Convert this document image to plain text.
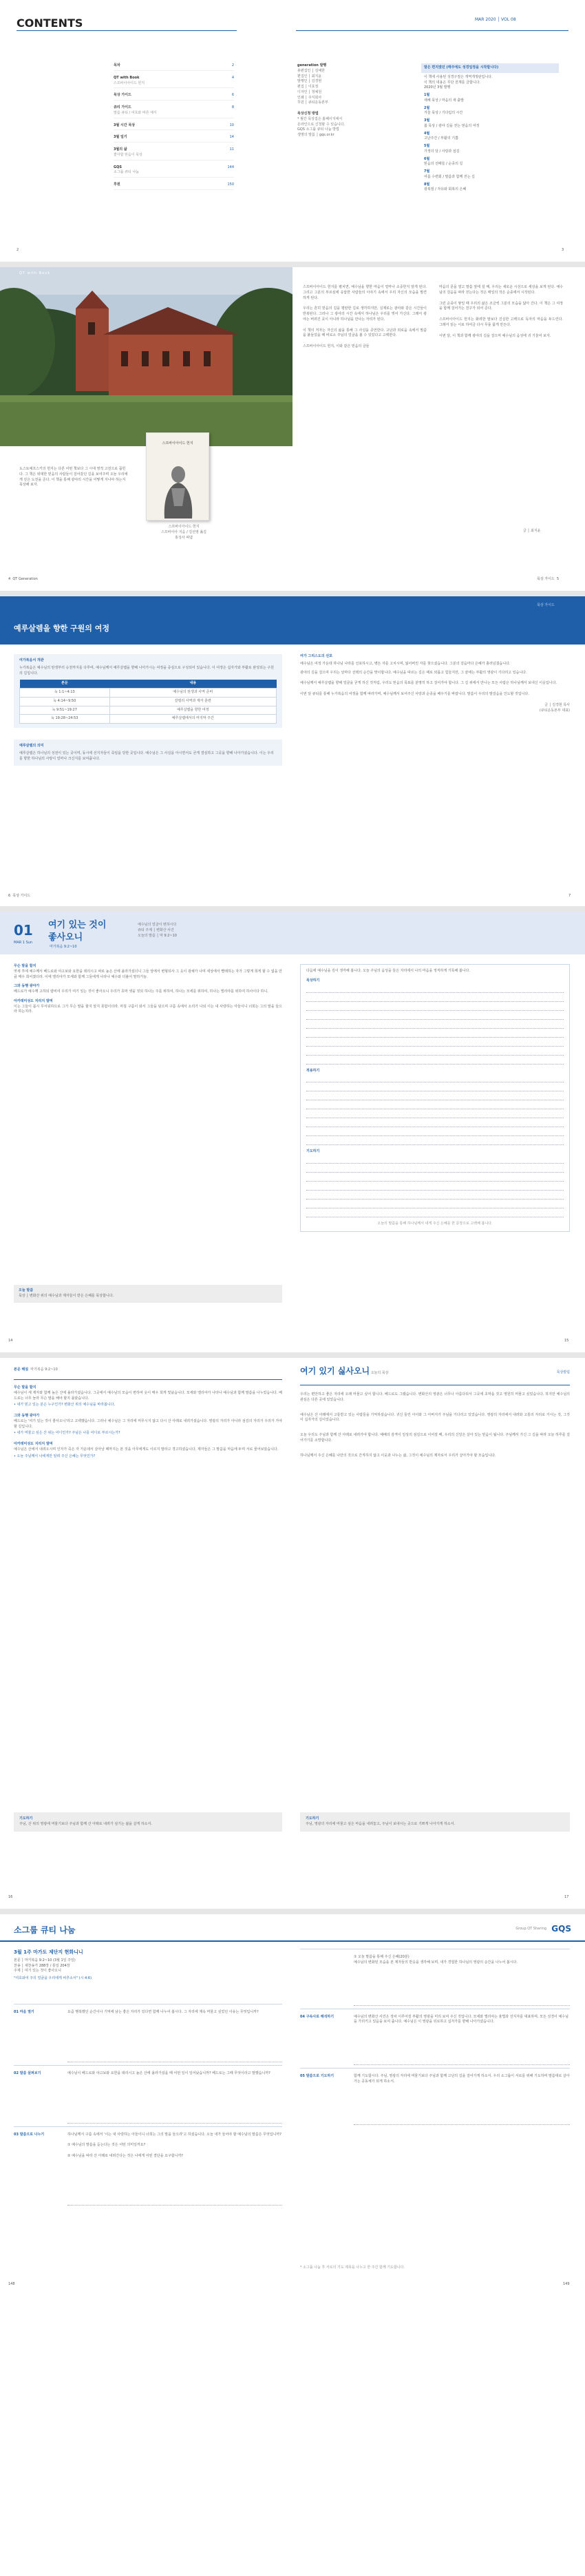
CONTENTS	MAR 2020 │ VOL 08
목차	2
QT with Book	4
스프바이아이드 헌지
묵상 가이드	6
큐티 가이드	8
말씀 큐티 / 여호와 바른 예식
3월 시간 묵상	10
3월 일기	14
3월의 삶	11
좋아합 믿음이 묵상
GQS	144
소그룹 큐티 나눔
후원	150
generation 발행
총편집인 │ 김예한
편집인 │ 최지윤
발행인 │ 김경현
편집 │ 이효정
디자인 │ 정예원
인쇄 │ 주식회사
후원 │ 큐티운동본부
묵상신청 방법
* 월간 묵상집은 홈페이지에서
온라인으로 신청할 수 있습니다.
GQS 소그룹 큐티 나눔 방법
생명의 말씀 │ gqs.or.kr
말은 편지였던 (매주에도 성경일정을 시작합니다)
이 책에 사용된 성경구절은 개역개정판입니다.
이 책의 내용은 무단 전재를 금합니다.
2020년 3월 발행
1월
새해 묵상 / 마음의 새 출발
2월
겨울 묵상 / 기다림의 시간
3월
봄 묵상 / 광야 길을 걷는 믿음의 여정
4월
고난주간 / 부활의 기쁨
5월
가정의 달 / 사랑과 섬김
6월
믿음의 선배들 / 순종의 길
7월
여름 수련회 / 말씀과 함께 걷는 길
8월
광복절 / 자유와 회복의 은혜
2	3
QT with Book
도스토예프스키의 헌지는 다른 어떤 책보다 그 시대 영적 고전으로 꼽힌다. 그 책은 위대한 믿음의 사람들이 걸어갔던 길을 보여주며 오늘 우리에게 깊은 도전을 준다. 이 책을 통해 광야의 시간을 어떻게 지나야 하는지 묵상해 보자.
스프바이아이드 헌지
스프바이아이드 헌지
스프바이아 지음 / 김선영 옮김
홍성사 펴냄

스프바이아이드 헌지를 펼치면, 예수님을 향한 마음이 얼마나 소중한지 알게 된다. 그리고 그분의 부르심에 응답한 사람들의 이야기 속에서 우리 자신의 모습을 발견하게 된다.

우리는 흔히 믿음의 길을 평탄한 길로 생각하지만, 실제로는 광야와 같은 시간들이 반복된다. 그러나 그 광야의 시간 속에서 하나님은 우리를 빚어 가신다. 그래서 광야는 버려진 곳이 아니라 하나님을 만나는 자리가 된다.

이 책의 저자는 자신의 삶을 통해 그 사실을 증언한다. 고난과 외로움 속에서 말씀을 붙들었을 때 비로소 주님의 얼굴을 볼 수 있었다고 고백한다.

스프바이아이드 헌지, 이와 같은 믿음의 글들

마음의 문을 열고 말씀 앞에 설 때, 우리는 새로운 시선으로 세상을 보게 된다. 예수님의 걸음을 따라 걷는다는 것은 매일의 작은 순종에서 시작된다.

그런 순종이 쌓일 때 우리의 삶은 조금씩 그분의 모습을 닮아 간다. 이 책은 그 여정을 함께 걸어가는 친구가 되어 준다.

스프바이아이드 헌지는 화려한 말보다 진실한 고백으로 독자의 마음을 두드린다. 그래서 읽는 이로 하여금 다시 무릎 꿇게 만든다.

이번 달, 이 책과 함께 광야의 길을 걸으며 예수님의 음성에 귀 기울여 보자.

글 │ 최지윤
4 QT Generation	묵상 가이드 5
예루살렘을 향한 구원의 여정
묵상 가이드
여가복음서 개관
누가복음은 예수님의 탄생부터 승천까지를 다루며, 예수님께서 예루살렘을 향해 나아가시는 여정을 중심으로 구성되어 있습니다. 이 여정은 십자가와 부활로 완성되는 구원의 길입니다.
본문	내용
눅 1:1~4:13	예수님의 탄생과 사역 준비
눅 4:14~9:50	갈릴리 사역과 제자 훈련
눅 9:51~19:27	예루살렘을 향한 여정
눅 19:28~24:53	예루살렘에서의 마지막 주간
예루살렘의 의미
예루살렘은 하나님의 성전이 있는 곳이며, 동시에 선지자들이 죽임을 당한 곳입니다. 예수님은 그 사실을 아시면서도 굳게 결심하고 그곳을 향해 나아가셨습니다. 이는 우리를 향한 하나님의 사랑이 얼마나 크신지를 보여줍니다.
여가 그리스도의 선포
예수님은 여정 가운데 하나님 나라를 선포하시고, 병든 자를 고치시며, 잃어버린 자를 찾으셨습니다. 그분의 걸음마다 은혜가 흘러넘쳤습니다.

광야의 길을 걸으며 우리는 날마다 선택의 순간을 맞이합니다. 예수님을 따르는 길은 때로 외롭고 힘들지만, 그 끝에는 부활의 영광이 기다리고 있습니다.

예수님께서 예루살렘을 향해 얼굴을 굳게 하신 것처럼, 우리도 믿음의 목표를 분명히 하고 걸어가야 합니다. 그 길 위에서 만나는 모든 사람은 하나님께서 보내신 이웃입니다.

이번 달 큐티를 통해 누가복음의 여정을 함께 따라가며, 예수님께서 보여주신 사랑과 순종을 배우기를 바랍니다. 말씀이 우리의 발걸음을 인도할 것입니다.

글 │ 김경현 목사
(큐티운동본부 대표)
6 묵상 가이드	7
01
MAR 1 Sun
여기 있는 것이
좋사오니
마가복음 9:2~10
예수님의 얼굴이 변하시다
큐티 주제 │ 변화산 사건
오늘의 말씀 │ 막 9:2~10
무슨 말을 할지

엿새 후에 예수께서 베드로와 야고보와 요한을 데리시고 따로 높은 산에 올라가셨더니 그들 앞에서 변형되사 그 옷이 광채가 나며 세상에서 빨래하는 자가 그렇게 희게 할 수 없을 만큼 매우 희어졌더라. 이에 엘리야가 모세와 함께 그들에게 나타나 예수와 더불어 말하거늘.

그와 동행 광야가

베드로가 예수께 고하되 랍비여 우리가 여기 있는 것이 좋사오니 우리가 초막 셋을 짓되 하나는 주를 위하여, 하나는 모세를 위하여, 하나는 엘리야를 위하여 하사이다 하니.

아카데미성도 지리지 말며

이는 그들이 몹시 무서워하므로 그가 무슨 말을 할지 알지 못함이더라. 마침 구름이 와서 그들을 덮으며 구름 속에서 소리가 나되 이는 내 사랑하는 아들이니 너희는 그의 말을 들으라 하는지라.

오늘 말씀
묵상 │ 변화산 위의 예수님과 제자들이 받은 은혜를 묵상합니다.
다음에 예수님을 깊이 생각해 봅니다. 오늘 주님의 음성을 들은 자리에서 나의 마음을 정직하게 기록해 봅니다.
묵상하기
적용하기
기도하기
오늘의 말씀을 통해 하나님께서 내게 주신 은혜를 한 문장으로 고백해 봅니다.
14	15
본문 해설 마가복음 9:2~10
무슨 말을 할지

예수님이 세 제자와 함께 높은 산에 올라가셨습니다. 그곳에서 예수님의 모습이 변하여 옷이 매우 희게 빛났습니다. 모세와 엘리야가 나타나 예수님과 함께 말씀을 나누었습니다. 베드로는 너무 놀라 무슨 말을 해야 할지 몰랐습니다.

• 내가 믿고 있는 분은 누구인가? 변화산 위의 예수님을 바라봅니다.

그와 동행 광야가

베드로는 '여기 있는 것이 좋사오니'라고 고백했습니다. 그러나 예수님은 그 자리에 머무시지 않고 다시 산 아래로 내려가셨습니다. 영광의 자리가 아니라 섬김의 자리가 우리가 가야 할 길입니다.

• 내가 머물고 싶은 산 위는 어디인가? 주님은 나를 어디로 부르시는가?

아카데미성도 지리지 말며

예수님은 산에서 내려오시며 인자가 죽은 자 가운데서 살아날 때까지는 본 것을 아무에게도 이르지 말라고 경고하셨습니다. 제자들은 그 말씀을 마음에 두며 서로 물어보았습니다.

• 오늘 주님께서 나에게만 알려 주신 은혜는 무엇인가?

기도하기
주님, 산 위의 영광에 머물기보다 주님과 함께 산 아래로 내려가 섬기는 삶을 살게 하소서.
여기 있기 싫사오니 오늘의 묵상	묵상칼럼

우리는 편안하고 좋은 자리에 오래 머물고 싶어 합니다. 베드로도 그랬습니다. 변화산의 영광은 너무나 아름다워서 그곳에 초막을 짓고 영원히 머물고 싶었습니다. 하지만 예수님의 관심은 다른 곳에 있었습니다.

예수님은 산 아래에서 고통받고 있는 사람들을 기억하셨습니다. 귀신 들린 아이와 그 아버지가 주님을 기다리고 있었습니다. 영광의 자리에서 내려와 고통의 자리로 가시는 것, 그것이 십자가의 길이었습니다.

오늘 우리도 주님과 함께 산 아래로 내려가야 합니다. 예배의 감격이 일상의 섬김으로 이어질 때, 우리의 신앙은 살아 있는 믿음이 됩니다. 주님께서 가신 그 길을 따라 오늘 하루를 걸어가기를 소망합니다.

하나님께서 주신 은혜를 나만의 것으로 간직하지 않고 이웃과 나누는 삶, 그것이 예수님의 제자로서 우리가 살아가야 할 모습입니다.

기도하기
주님, 영광의 자리에 머물고 싶은 마음을 내려놓고, 주님이 보내시는 곳으로 기쁘게 나아가게 하소서.
16	17
소그룹 큐티 나눔	Group QT Sharing GQS
3월 1주 마가도 제단지 현화니니
본문 │ 마가복음 9:2~10 (3월 1일 주일)
찬송 │ 새찬송가 288장 / 통일 204장
주제 │ 여기 있는 것이 좋사오니
"여호와여 주의 얼굴을 우리에게 비추소서" (시 4:6)
01 마음 열기	요즘 행복했던 순간이나 기억에 남는 좋은 자리가 있다면 함께 나누어 봅시다. 그 자리에 계속 머물고 싶었던 이유는 무엇입니까?
02 말씀 살펴보기	예수님이 베드로와 야고보와 요한을 데리시고 높은 산에 올라가셨을 때 어떤 일이 일어났습니까? 베드로는 그때 무엇이라고 말했습니까?
03 말씀으로 나누기	하나님께서 구름 속에서 '이는 내 사랑하는 아들이니 너희는 그의 말을 들으라'고 하셨습니다. 오늘 내가 들어야 할 예수님의 말씀은 무엇입니까?

① 예수님의 말씀을 듣는다는 것은 어떤 의미일까요?

② 예수님을 따라 산 아래로 내려간다는 것은 나에게 어떤 결단을 요구합니까?
① 오늘 말씀을 통해 주신 은혜(20분)
예수님의 변화된 모습을 본 제자들의 반응을 생각해 보며, 내가 경험한 하나님의 영광의 순간을 나누어 봅시다.
04 구속사로 해석하기	예수님의 변화산 사건은 장차 이루어질 부활의 영광을 미리 보여 주신 것입니다. 모세와 엘리야는 율법과 선지자를 대표하며, 모든 성경이 예수님을 가리키고 있음을 보여 줍니다. 예수님은 이 영광을 뒤로하고 십자가를 향해 나아가셨습니다.
05 말씀으로 기도하기	함께 기도합시다. 주님, 영광의 자리에 머물기보다 주님과 함께 고난의 길을 걸어가게 하소서. 우리 소그룹이 서로를 위해 기도하며 말씀대로 살아가는 공동체가 되게 하소서.
* 소그룹 나눔 후 서로의 기도 제목을 나누고 한 주간 함께 기도합니다.
148	149
